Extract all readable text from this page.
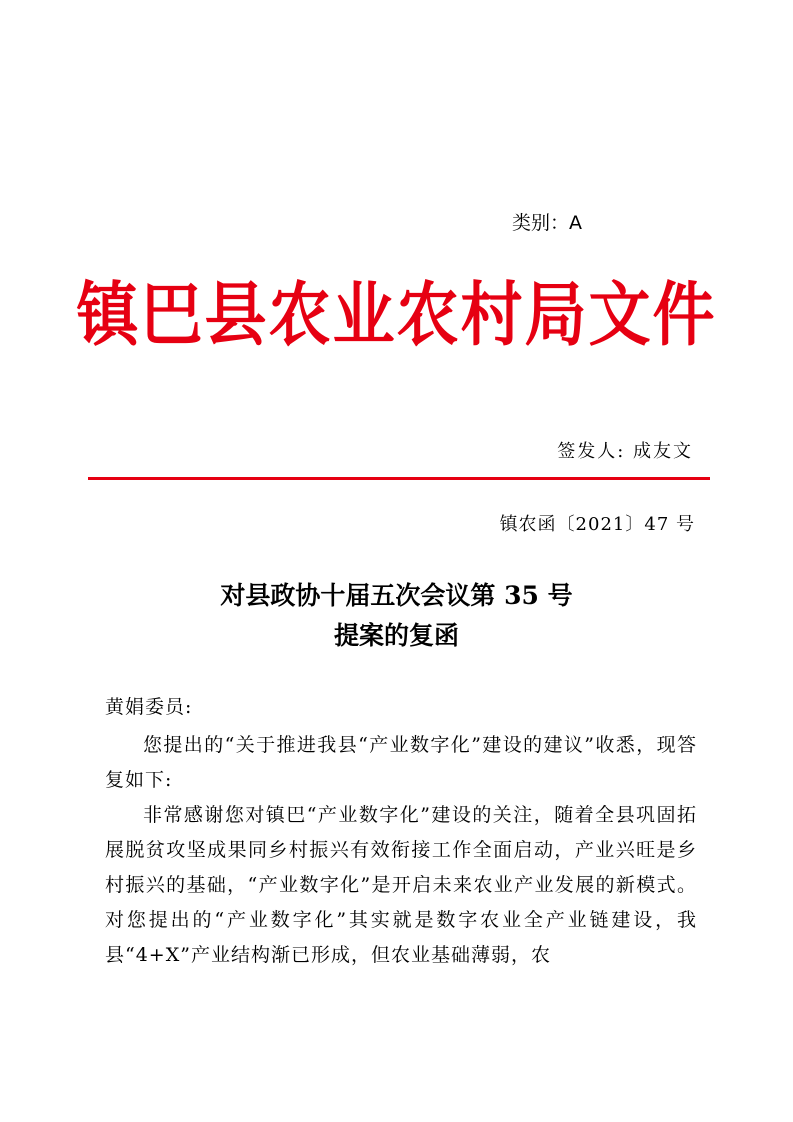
类别：A
镇巴县农业农村局文件
签发人: 成友文
镇农函〔2021〕47 号
对县政协十届五次会议第 35 号
提案的复函
黄娟委员:

您提出的“关于推进我县“产业数字化”建设的建议”收悉，现答复如下:

非常感谢您对镇巴“产业数字化”建设的关注，随着全县巩固拓展脱贫攻坚成果同乡村振兴有效衔接工作全面启动，产业兴旺是乡村振兴的基础，“产业数字化”是开启未来农业产业发展的新模式。对您提出的“产业数字化”其实就是数字农业全产业链建设，我县“4+X”产业结构渐已形成，但农业基础薄弱，农
